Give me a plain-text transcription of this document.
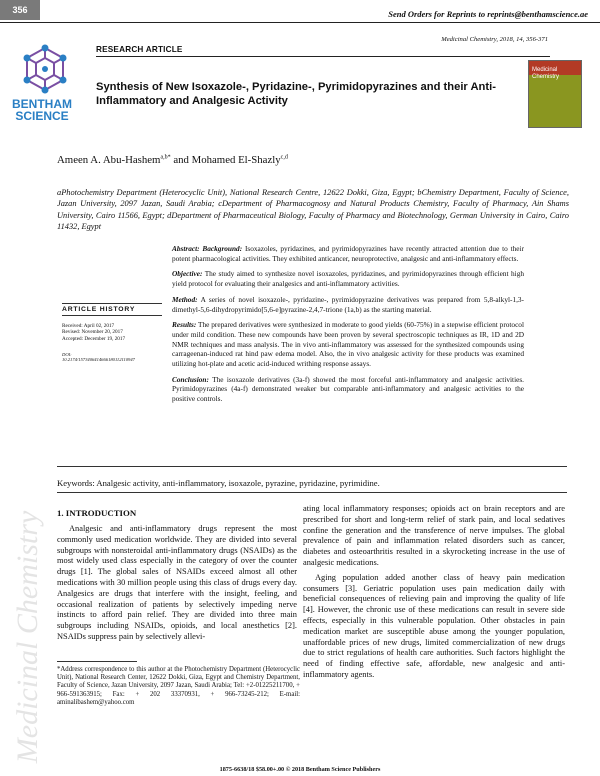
356	Send Orders for Reprints to reprints@benthamscience.ae
Medicinal Chemistry, 2018, 14, 356-371
RESEARCH ARTICLE
BENTHAM
SCIENCE
Synthesis of New Isoxazole-, Pyridazine-, Pyrimidopyrazines and their Anti-Inflammatory and Analgesic Activity
Medicinal
Chemistry
Ameen A. Abu-Hashem$^{a,b*}$ and Mohamed El-Shazly$^{c,d}$
aPhotochemistry Department (Heterocyclic Unit), National Research Centre, 12622 Dokki, Giza, Egypt; bChemistry Department, Faculty of Science, Jazan University, 2097 Jazan, Saudi Arabia; cDepartment of Pharmacognosy and Natural Products Chemistry, Faculty of Pharmacy, Ain Shams University, Cairo 11566, Egypt; dDepartment of Pharmaceutical Biology, Faculty of Pharmacy and Biotechnology, German University in Cairo, Cairo 11432, Egypt
ARTICLE HISTORY
Received: April 02, 2017
Revised: November 20, 2017
Accepted: December 19, 2017
DOI:
10.2174/1573406414666180112110947

Abstract: Background: Isoxazoles, pyridazines, and pyrimidopyrazines have recently attracted attention due to their potent pharmacological activities. They exhibited anticancer, neuroprotective, analgesic and anti-inflammatory effects.

Objective: The study aimed to synthesize novel isoxazoles, pyridazines, and pyrimidopyrazines through efficient high yield protocol for evaluating their analgesics and anti-inflammatory activities.

Method: A series of novel isoxazole-, pyridazine-, pyrimidopyrazine derivatives was prepared from 5,8-alkyl-1,3-dimethyl-5,6-dihydropyrimido[5,6-e]pyrazine-2,4,7-trione (1a,b) as the starting material.

Results: The prepared derivatives were synthesized in moderate to good yields (60-75%) in a stepwise efficient protocol under mild condition. These new compounds have been proven by several spectroscopic techniques as IR, 1D and 2D NMR techniques and mass analysis. The in vivo anti-inflammatory was assessed for the synthesized compounds using carrageenan-induced rat hind paw edema model. Also, the in vivo analgesic activity for these products was examined utilizing hot-plate and acetic acid-induced writhing response assays.

Conclusion: The isoxazole derivatives (3a-f) showed the most forceful anti-inflammatory and analgesic activities. Pyrimidopyrazines (4a-f) demonstrated weaker but comparable anti-inflammatory and analgesic activities to the positive controls.

Keywords: Analgesic activity, anti-inflammatory, isoxazole, pyrazine, pyridazine, pyrimidine.
Medicinal Chemistry 1. INTRODUCTION

Analgesic and anti-inflammatory drugs represent the most commonly used medication worldwide. They are divided into several subgroups with nonsteroidal anti-inflammatory drugs (NSAIDs) as the most widely used class especially in the category of over the counter drugs [1]. The global sales of NSAIDs exceed almost all other medications with 30 million people using this class of drugs every day. Analgesics are drugs that interfere with the insight, feeling, and occasional realization of patients by selectively impeding nerve instincts to afford pain relief. They are divided into three main subgroups including NSAIDs, opioids, and local anesthetics [2]. NSAIDs suppress pain by selectively allevi-

ating local inflammatory responses; opioids act on brain receptors and are prescribed for short and long-term relief of stark pain, and local sedatives confine the generation and the transference of nerve impulses. The global prevalence of pain and inflammation related disorders such as cancer, diabetes and osteoarthritis resulted in a skyrocketing increase in the use of analgesic medications.

Aging population added another class of heavy pain medication consumers [3]. Geriatric population uses pain medication daily with beneficial consequences of relieving pain and improving the quality of life [4]. However, the chronic use of these medications can result in severe side effects, especially in this vulnerable population. Other obstacles in pain medication market are susceptible abuse among the younger population, unaffordable prices of new drugs, limited commercialization of new drugs due to strict regulations of health care authorities. Such factors highlight the need of finding effective safe, affordable, new analgesic and anti-inflammatory agents.

*Address correspondence to this author at the Photochemistry Department (Heterocyclic Unit), National Research Center, 12622 Dokki, Giza, Egypt and Chemistry Department, Faculty of Science, Jazan University, 2097 Jazan, Saudi Arabia; Tel: +2-01225211700, + 966-591363915; Fax: + 202 33370931, + 966-73245-212; E-mail: aminalibashem@yahoo.com
1875-6638/18 $58.00+.00 © 2018 Bentham Science Publishers
